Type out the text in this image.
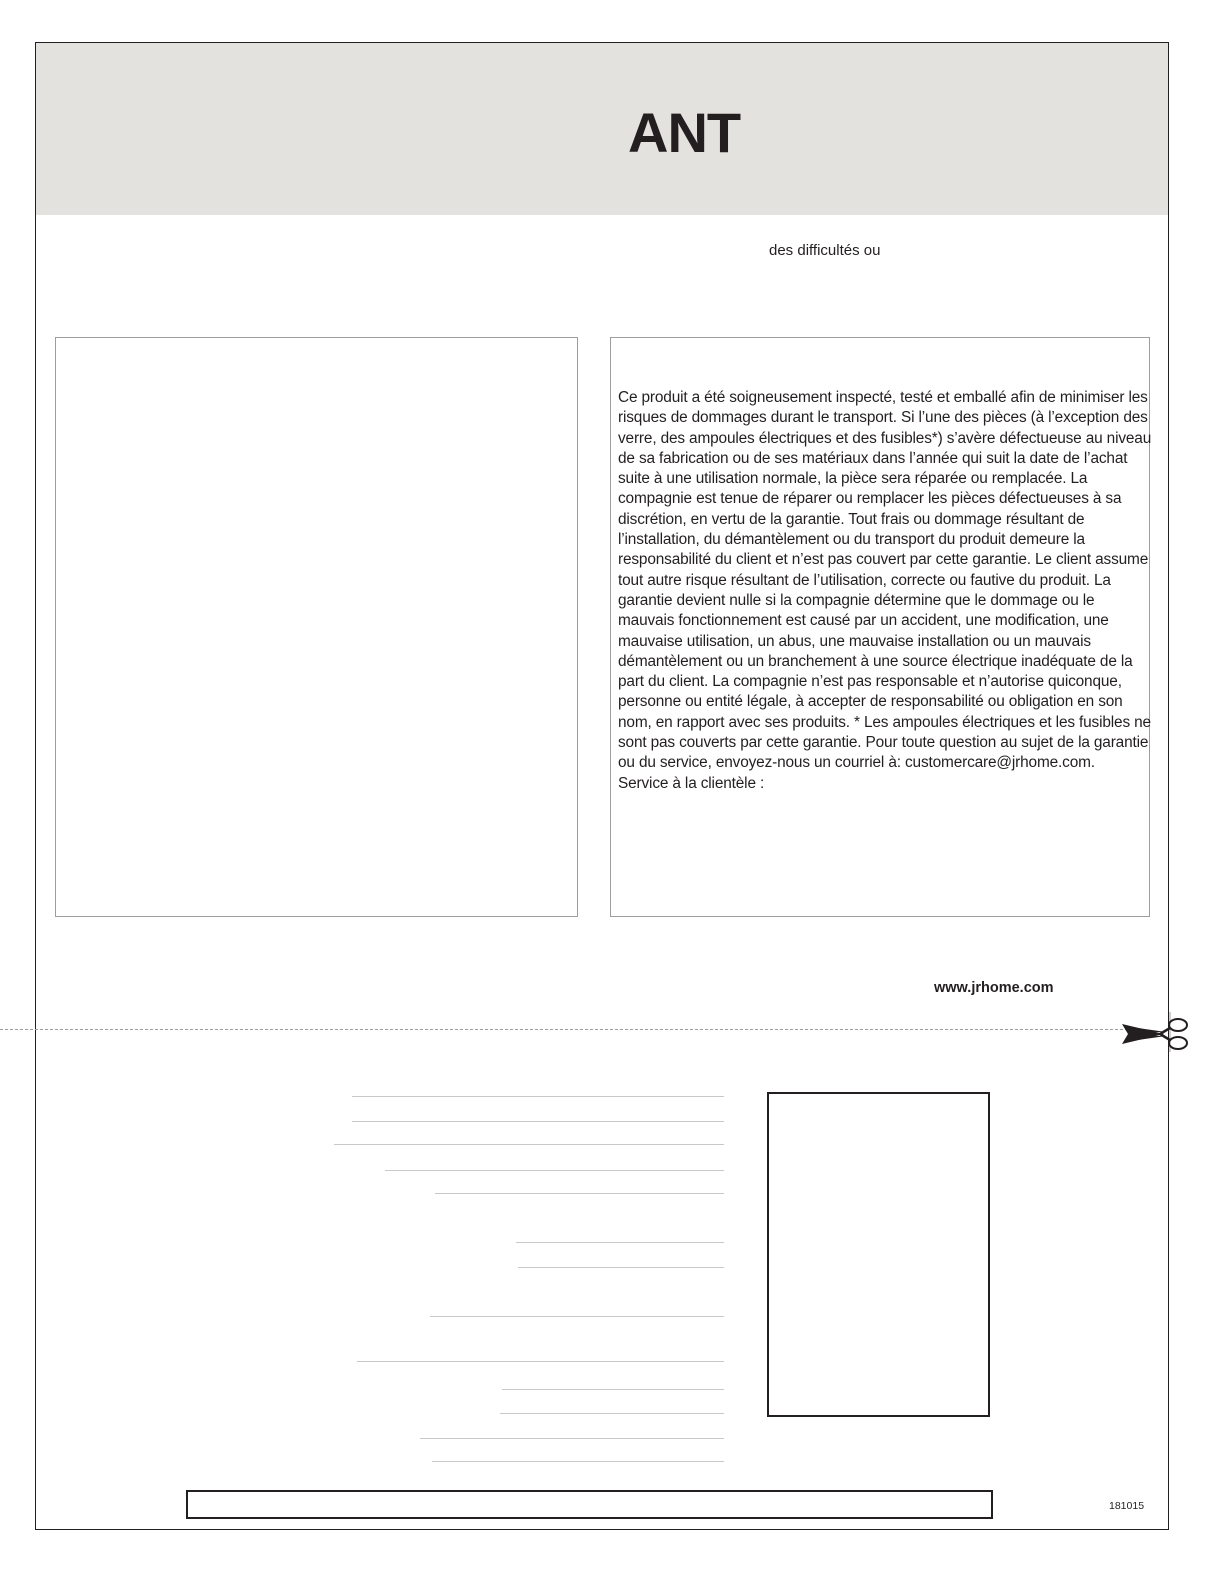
ANT
des difficultés ou

Ce produit a été soigneusement inspecté, testé et emballé afin de minimiser les risques de dommages durant le transport. Si l’une des pièces (à l’exception des verre, des ampoules électriques et des fusibles*) s’avère défectueuse au niveau de sa fabrication ou de ses matériaux dans l’année qui suit la date de l’achat suite à une utilisation normale, la pièce sera réparée ou remplacée. La compagnie est tenue de réparer ou remplacer les pièces défectueuses à sa discrétion, en vertu de la garantie. Tout frais ou dommage résultant de l’installation, du démantèlement ou du transport du produit demeure la responsabilité du client et n’est pas couvert par cette garantie. Le client assume tout autre risque résultant de l’utilisation, correcte ou fautive du produit. La garantie devient nulle si la compagnie détermine que le dommage ou le mauvais fonctionnement est causé par un accident, une modification, une mauvaise utilisation, un abus, une mauvaise installation ou un mauvais démantèlement ou un branchement à une source électrique inadéquate de la part du client. La compagnie n’est pas responsable et n’autorise quiconque, personne ou entité légale, à accepter de responsabilité ou obligation en son nom, en rapport avec ses produits. * Les ampoules électriques et les fusibles ne sont pas couverts par cette garantie. Pour toute question au sujet de la garantie ou du service, envoyez-nous un courriel à: customercare@jrhome.com.

Service à la clientèle :

www.jrhome.com
181015
